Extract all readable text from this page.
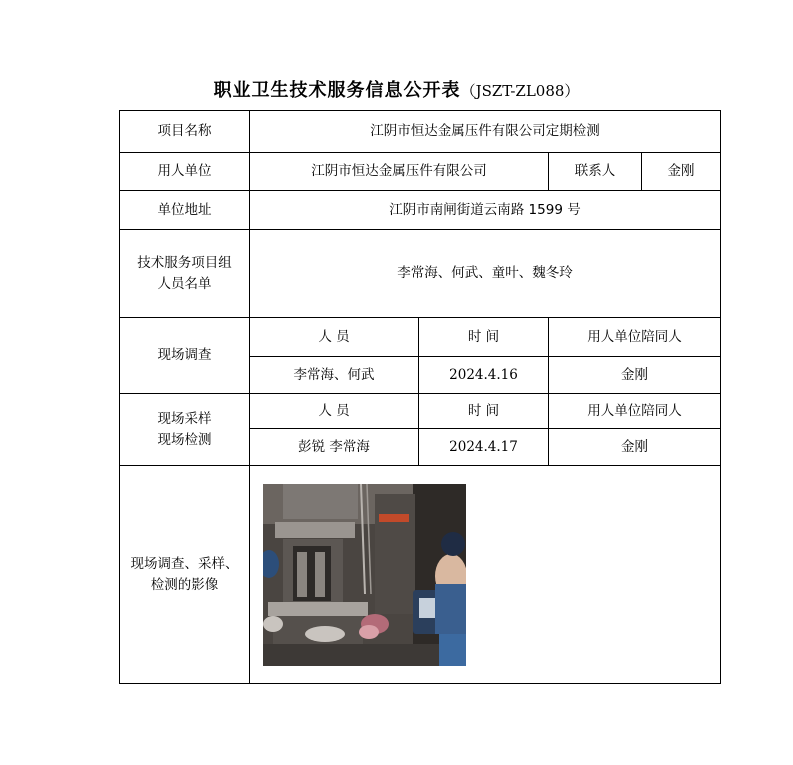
职业卫生技术服务信息公开表（JSZT-ZL088）
项目名称	江阴市恒达金属压件有限公司定期检测			
用人单位	江阴市恒达金属压件有限公司		联系人	金刚
单位地址	江阴市南闸街道云南路 1599 号			

技术服务项目组
人员名单	李常海、何武、童叶、魏冬玲			
现场调查	人 员	时 间	用人单位陪同人	
	李常海、何武	2024.4.16	金刚	

现场采样
现场检测	人 员	时 间	用人单位陪同人	
	彭锐 李常海	2024.4.17	金刚	

现场调查、采样、
检测的影像
